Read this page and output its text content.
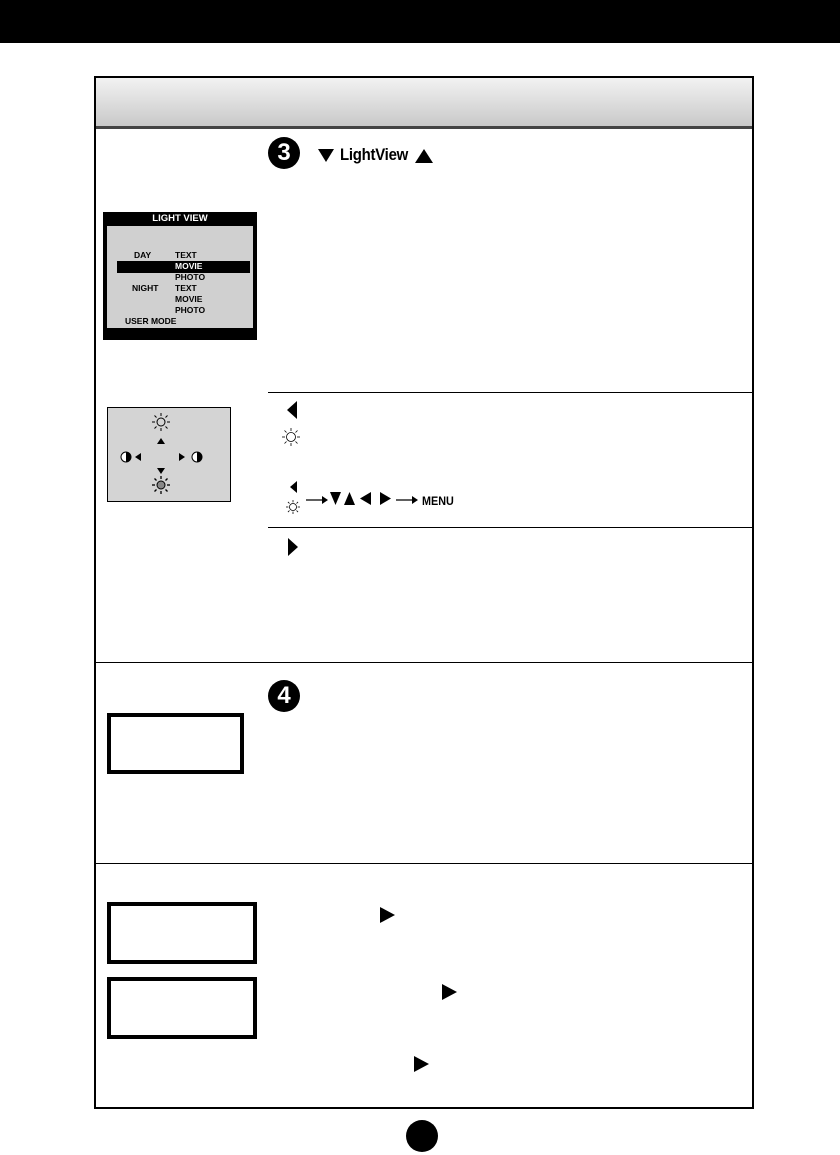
3	LightView
LIGHT VIEW
DAY	TEXT
MOVIE
PHOTO
NIGHT TEXT
MOVIE
PHOTO
USER MODE
MENU
4
